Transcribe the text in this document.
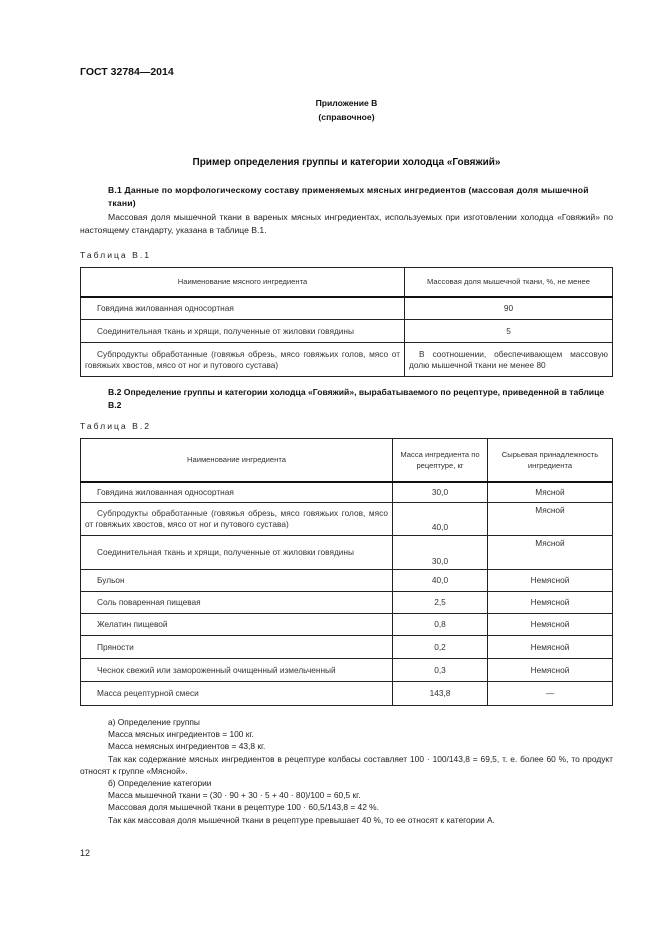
ГОСТ 32784—2014

Приложение В

(справочное)

Пример определения группы и категории холодца «Говяжий»

В.1 Данные по морфологическому составу применяемых мясных ингредиентов (массовая доля мышечной ткани)

Массовая доля мышечной ткани в вареных мясных ингредиентах, используемых при изготовлении холодца «Говяжий» по настоящему стандарту, указана в таблице В.1.

Таблица В.1
Наименование мясного ингредиента	Массовая доля мышечной ткани, %, не менее
Говядина жилованная односортная	90
Соединительная ткань и хрящи, полученные от жиловки говядины	5
Субпродукты обработанные (говяжья обрезь, мясо говяжьих голов, мясо от говяжьих хвостов, мясо от ног и путового сустава)	В соотношении, обеспечивающем массовую долю мышечной ткани не менее 80
В.2 Определение группы и категории холодца «Говяжий», вырабатываемого по рецептуре, приведенной в таблице В.2
Таблица В.2
Наименование ингредиента	Масса ингредиента по рецептуре, кг	Сырьевая принадлежность ингредиента
Говядина жилованная односортная	30,0	Мясной
Субпродукты обработанные (говяжья обрезь, мясо говяжьих голов, мясо от говяжьих хвостов, мясо от ног и путового сустава)	40,0	Мясной
Соединительная ткань и хрящи, полученные от жиловки говядины	30,0	Мясной
Бульон	40,0	Немясной
Соль поваренная пищевая	2,5	Немясной
Желатин пищевой	0,8	Немясной
Пряности	0,2	Немясной
Чеснок свежий или замороженный очищенный измельченный	0,3	Немясной
Масса рецептурной смеси	143,8	—

а) Определение группы

Масса мясных ингредиентов = 100 кг.

Масса немясных ингредиентов = 43,8 кг.

Так как содержание мясных ингредиентов в рецептуре колбасы составляет 100 · 100/143,8 = 69,5, т. е. более 60 %, то продукт относят к группе «Мясной».

б) Определение категории

Масса мышечной ткани = (30 · 90 + 30 · 5 + 40 · 80)/100 = 60,5 кг.

Массовая доля мышечной ткани в рецептуре 100 · 60,5/143,8 = 42 %.

Так как массовая доля мышечной ткани в рецептуре превышает 40 %, то ее относят к категории А.

12
